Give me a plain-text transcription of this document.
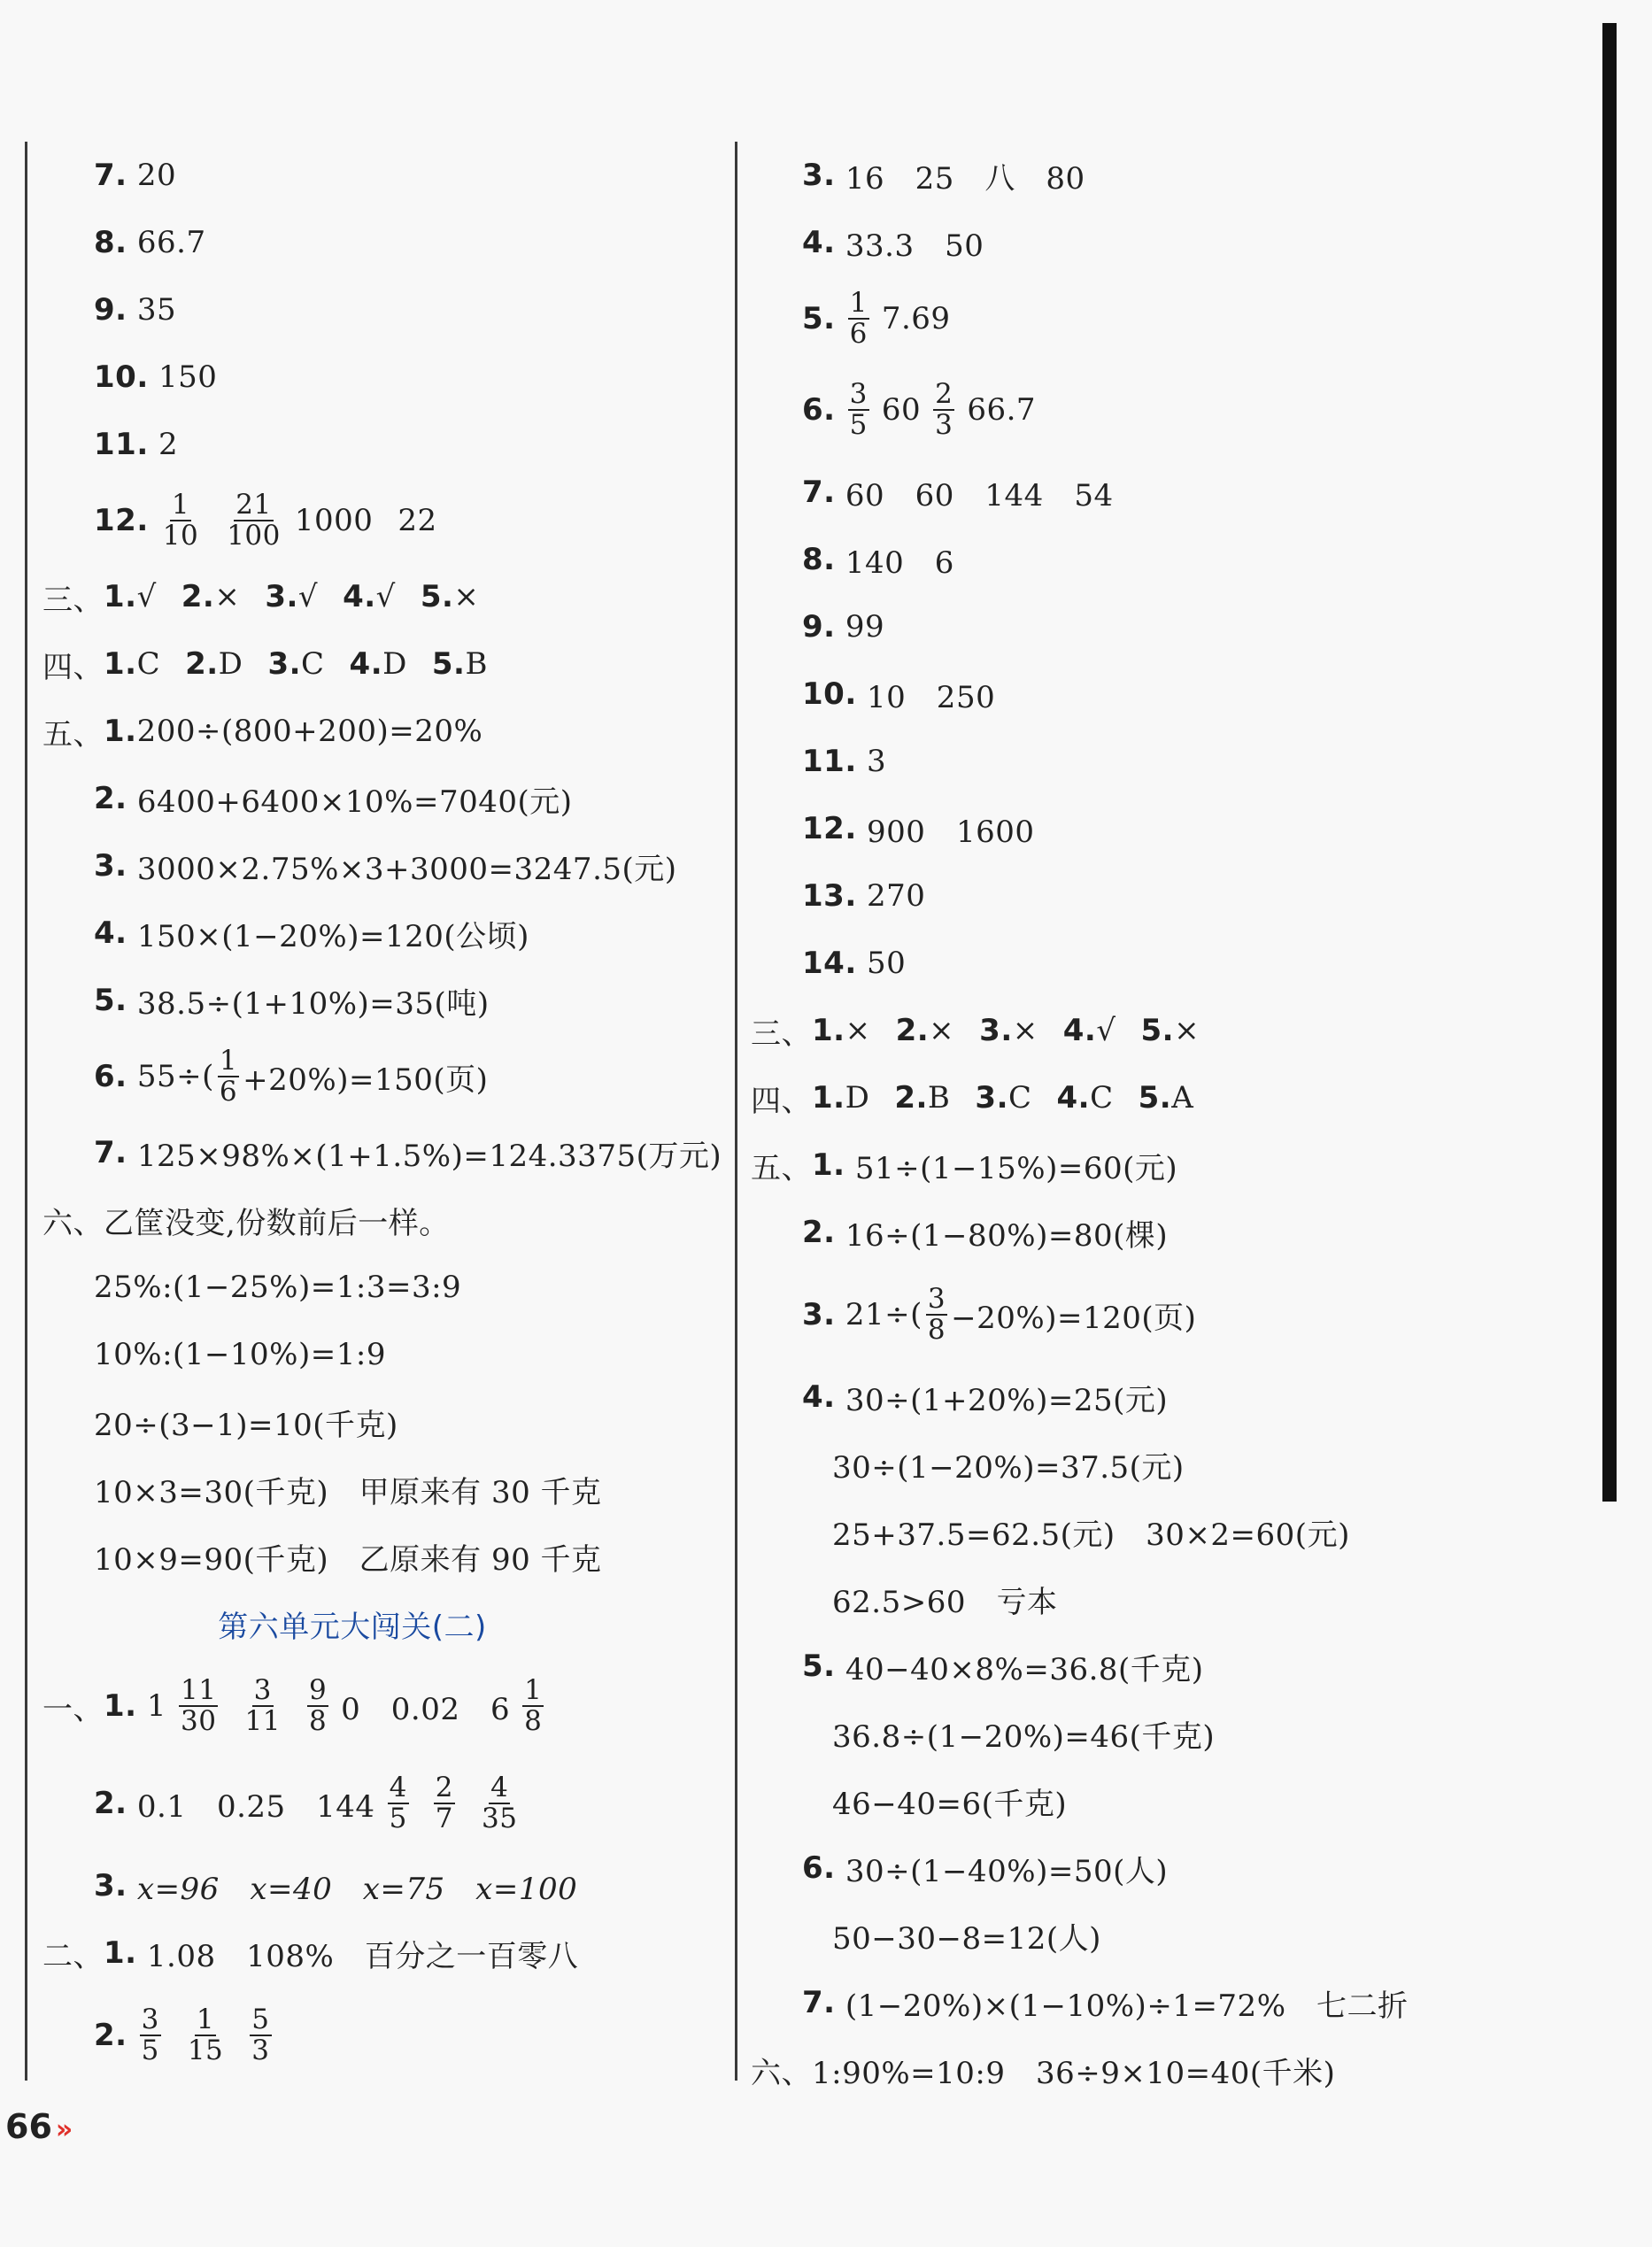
7.
20
8.
66.7
9.
35
10.
150
11.
2
12. $\frac{1}{10} \frac{21}{100} 1000$ 22
三、 1. √ 2. × 3. √ 4. √ 5. ×
四、 1. C 2. D 3. C 4. D 5. B
五、 1. 200÷(800+200)=20%
2.
6400+6400×10%=7040(元)
3.
3000×2.75%×3+3000=3247.5(元)
4.
150×(1−20%)=120(公顷)
5.
38.5÷(1+10%)=35(吨)
6.
$55\div( \frac{1}{6} +20\%)=150$(页)
7.
125×98%×(1+1.5%)=124.3375(万元)
六、 乙筐没变,份数前后一样。
25%:(1−25%)=1:3=3:9
10%:(1−10%)=1:9
20÷(3−1)=10(千克)
10×3=30(千克)　甲原来有 30 千克
10×9=90(千克)　乙原来有 90 千克
第六单元大闯关(二)
一、 1.
$1 \frac{11}{30} \frac{3}{11} \frac{9}{8} 0$　0.02　$6 \frac{1}{8}$
2.
0.1　0.25　$144 \frac{4}{5} \frac{2}{7} \frac{4}{35}$
3.
x=96　x=40　x=75　x=100
二、 1.
1.08　108%　百分之一百零八
2. $\frac{3}{5} \frac{1}{15} \frac{5}{3}$
3.
16　25　八　80
4.
33.3　50
5. $\frac{1}{6} 7.69$
6. $\frac{3}{5} 60 \frac{2}{3} 66.7$
7.
60　60　144　54
8.
140　6
9.
99
10.
10　250
11.
3
12.
900　1600
13.
270
14.
50
三、 1. × 2. × 3. × 4. √ 5. ×
四、 1. D 2. B 3. C 4. C 5. A
五、 1.
51÷(1−15%)=60(元)
2.
16÷(1−80%)=80(棵)
3.
$21\div( \frac{3}{8} -20\%)=120$(页)
4.
30÷(1+20%)=25(元)
30÷(1−20%)=37.5(元)
25+37.5=62.5(元)　30×2=60(元)
62.5>60　亏本
5.
40−40×8%=36.8(千克)
36.8÷(1−20%)=46(千克)
46−40=6(千克)
6.
30÷(1−40%)=50(人)
50−30−8=12(人)
7.
(1−20%)×(1−10%)÷1=72%　七二折
六、 1:90%=10:9　36÷9×10=40(千米)
66 »
